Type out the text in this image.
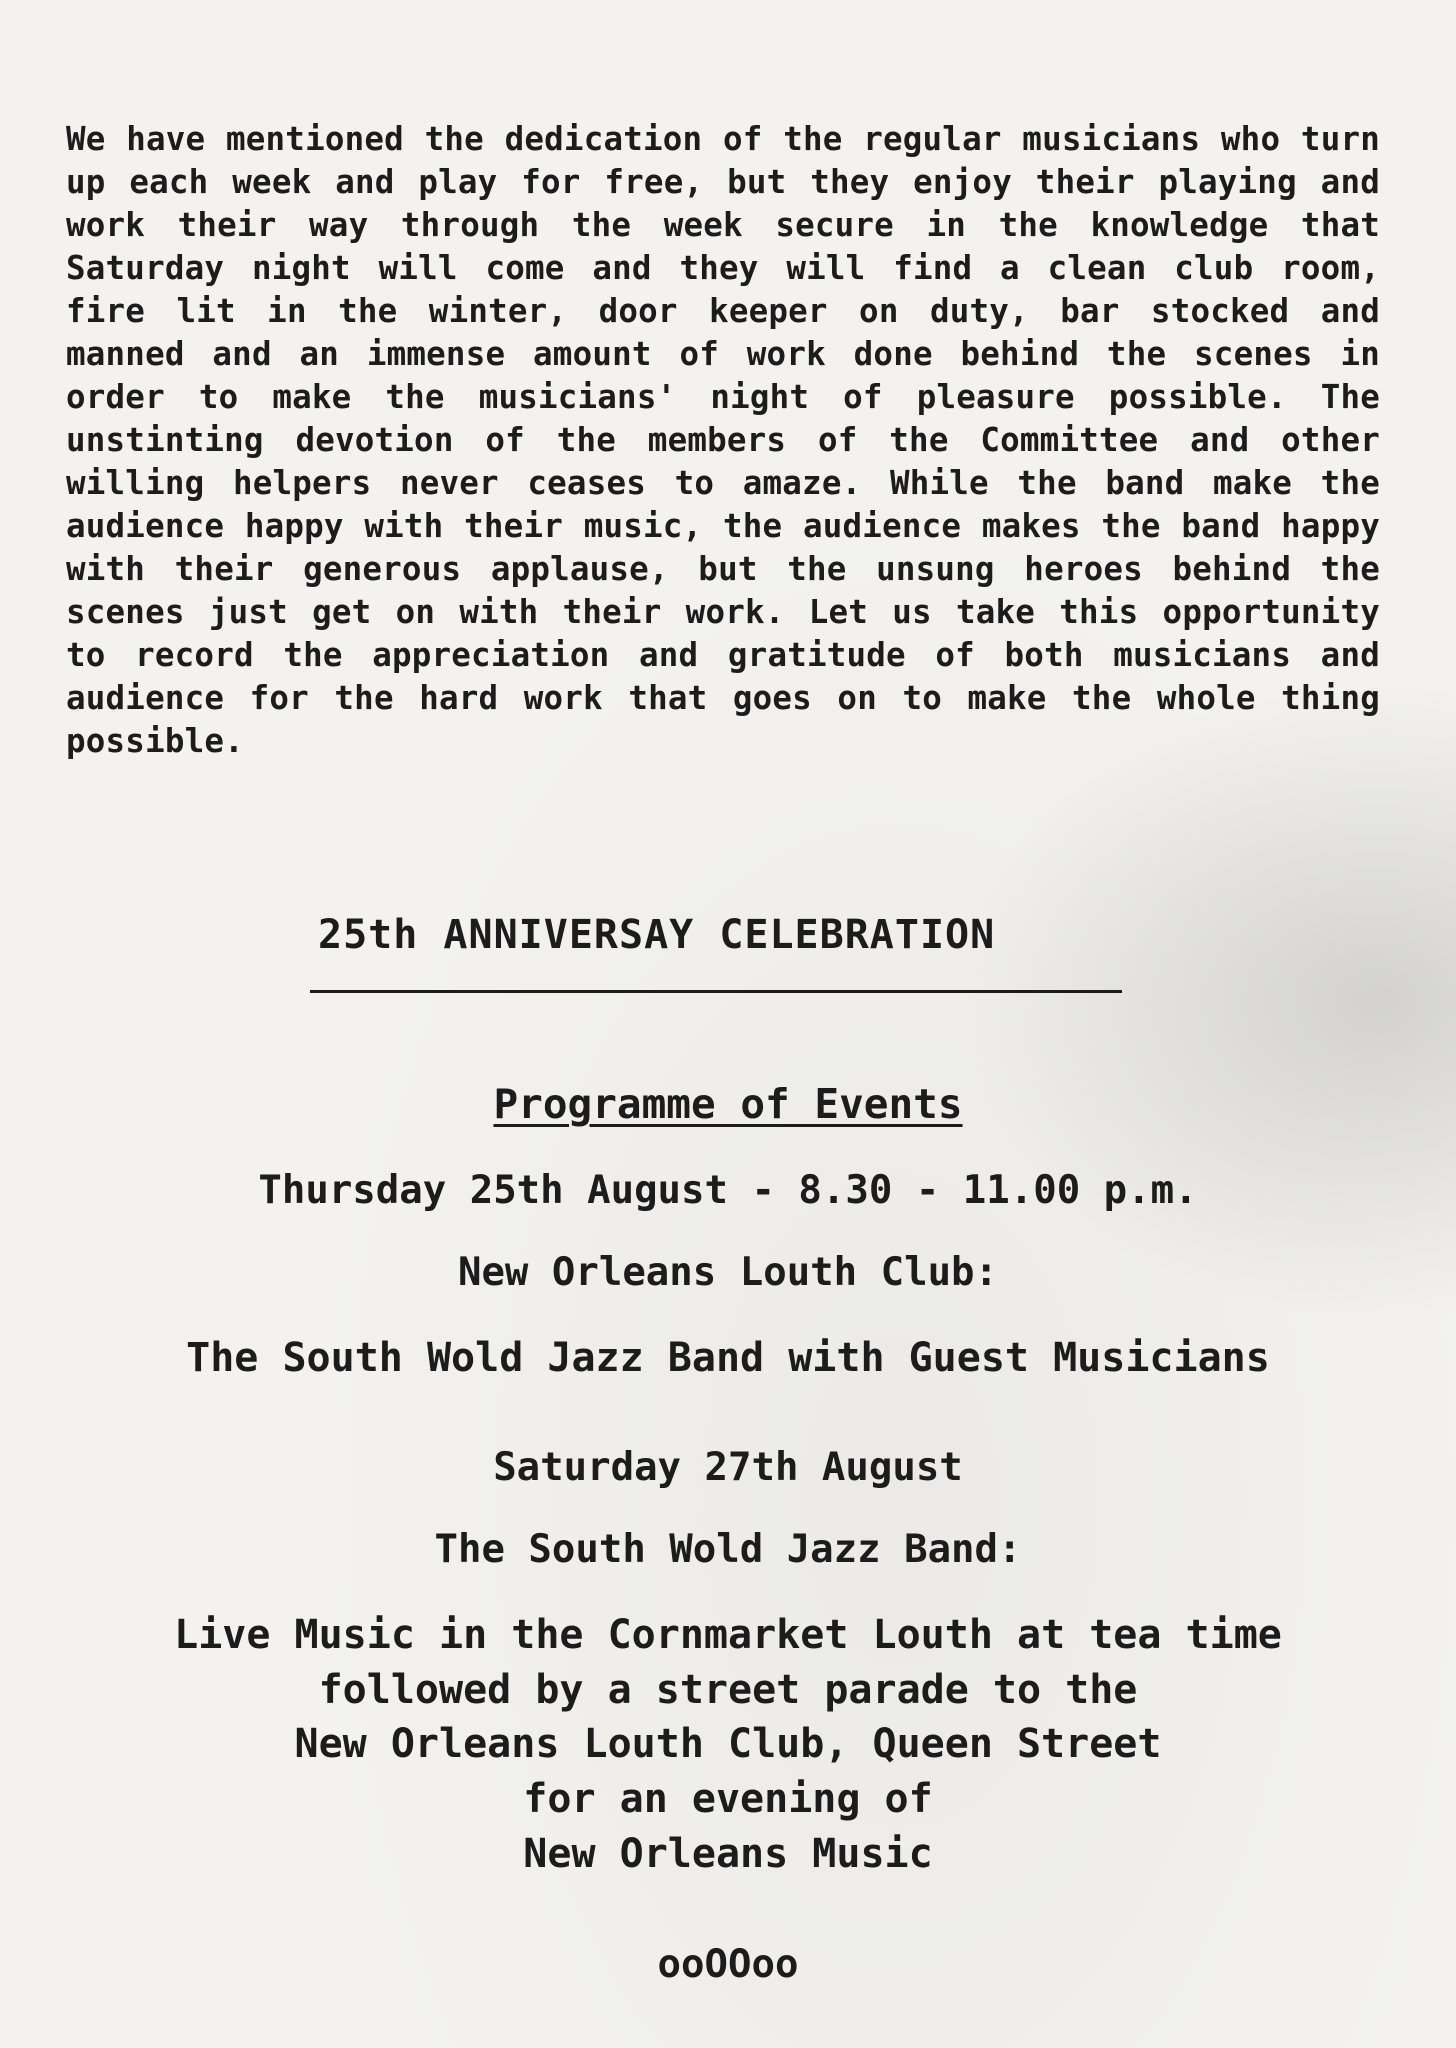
We have mentioned the dedication of the regular musicians who turn up each week and play for free, but they enjoy their playing and work their way through the week secure in the knowledge that Saturday night will come and they will find a clean club room, fire lit in the winter, door keeper on duty, bar stocked and manned and an immense amount of work done behind the scenes in order to make the musicians' night of pleasure possible. The unstinting devotion of the members of the Committee and other willing helpers never ceases to amaze. While the band make the audience happy with their music, the audience makes the band happy with their generous applause, but the unsung heroes behind the scenes just get on with their work. Let us take this opportunity to record the appreciation and gratitude of both musicians and audience for the hard work that goes on to make the whole thing possible.

25th ANNIVERSAY CELEBRATION
Programme of Events

Thursday 25th August - 8.30 - 11.00 p.m.

New Orleans Louth Club:

The South Wold Jazz Band with Guest Musicians

Saturday 27th August

The South Wold Jazz Band:

Live Music in the Cornmarket Louth at tea time

followed by a street parade to the

New Orleans Louth Club, Queen Street

for an evening of

New Orleans Music

ooOOoo
